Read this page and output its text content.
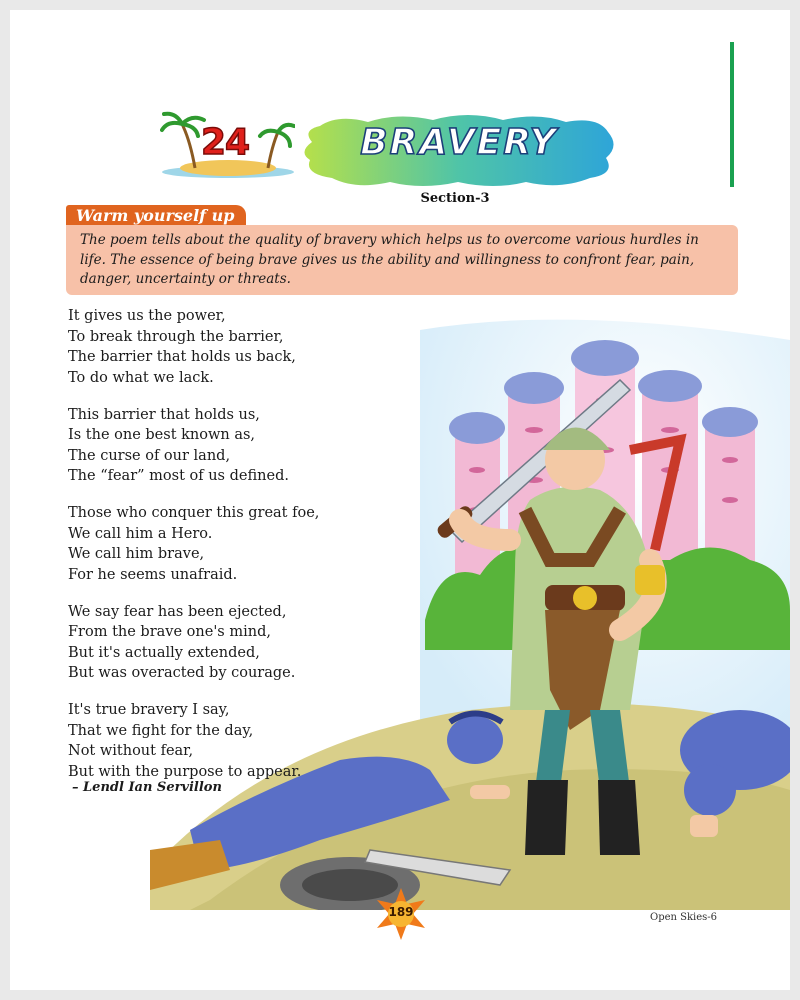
24	BRAVERY
Section-3
Warm yourself up
The poem tells about the quality of bravery which helps us to overcome various hurdles in life. The essence of being brave gives us the ability and willingness to confront fear, pain, danger, uncertainty or threats.
It gives us the power,
To break through the barrier,
The barrier that holds us back,
To do what we lack.
This barrier that holds us,
Is the one best known as,
The curse of our land,
The “fear” most of us defined.
Those who conquer this great foe,
We call him a Hero.
We call him brave,
For he seems unafraid.
We say fear has been ejected,
From the brave one's mind,
But it's actually extended,
But was overacted by courage.
It's true bravery I say,
That we fight for the day,
Not without fear,
But with the purpose to appear.
– Lendl Ian Servillon
189	Open Skies-6
